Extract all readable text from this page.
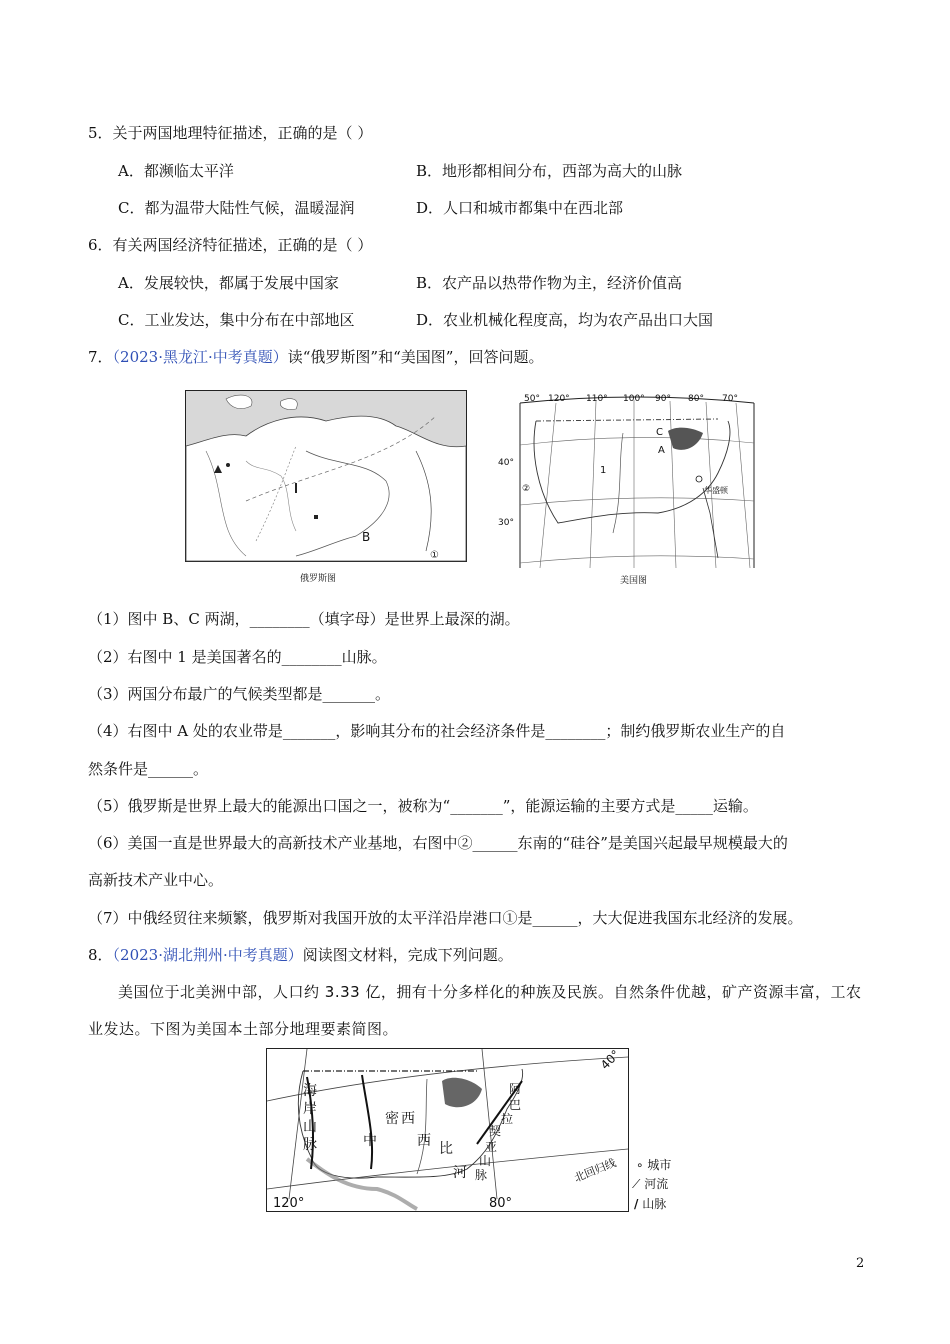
5．关于两国地理特征描述，正确的是（ ）
A．都濒临太平洋	B．地形都相间分布，西部为高大的山脉
C．都为温带大陆性气候，温暖湿润	D．人口和城市都集中在西北部
6．有关两国经济特征描述，正确的是（ ）
A．发展较快，都属于发展中国家	B．农产品以热带作物为主，经济价值高
C．工业发达，集中分布在中部地区	D．农业机械化程度高，均为农产品出口大国
7．（2023·黑龙江·中考真题）读“俄罗斯图”和“美国图”，回答问题。
B
①
俄罗斯图
50°
40°
30°
120° 110° 100° 90° 80° 70°
A
C
1
②	华盛顿
美国图
（1）图中 B、C 两湖，________（填字母）是世界上最深的湖。
（2）右图中 1 是美国著名的________山脉。
（3）两国分布最广的气候类型都是_______。
（4）右图中 A 处的农业带是_______，影响其分布的社会经济条件是________；制约俄罗斯农业生产的自
然条件是______。
（5）俄罗斯是世界上最大的能源出口国之一，被称为“_______”，能源运输的主要方式是_____运输。
（6）美国一直是世界最大的高新技术产业基地，右图中②______东南的“硅谷”是美国兴起最早规模最大的
高新技术产业中心。
（7）中俄经贸往来频繁，俄罗斯对我国开放的太平洋沿岸港口①是______，大大促进我国东北经济的发展。
8．（2023·湖北荆州·中考真题）阅读图文材料，完成下列问题。
美国位于北美洲中部，人口约 3.33 亿，拥有十分多样化的种族及民族。自然条件优越，矿产资源丰富，工农业发达。下图为美国本土部分地理要素简图。
海
岸
山
脉	中
密 西
西 比
河
阿
巴
拉
契
亚
山
脉
120°	80°
40°
北回归线 ∘ 城市
⟋ 河流
/ 山脉
2
